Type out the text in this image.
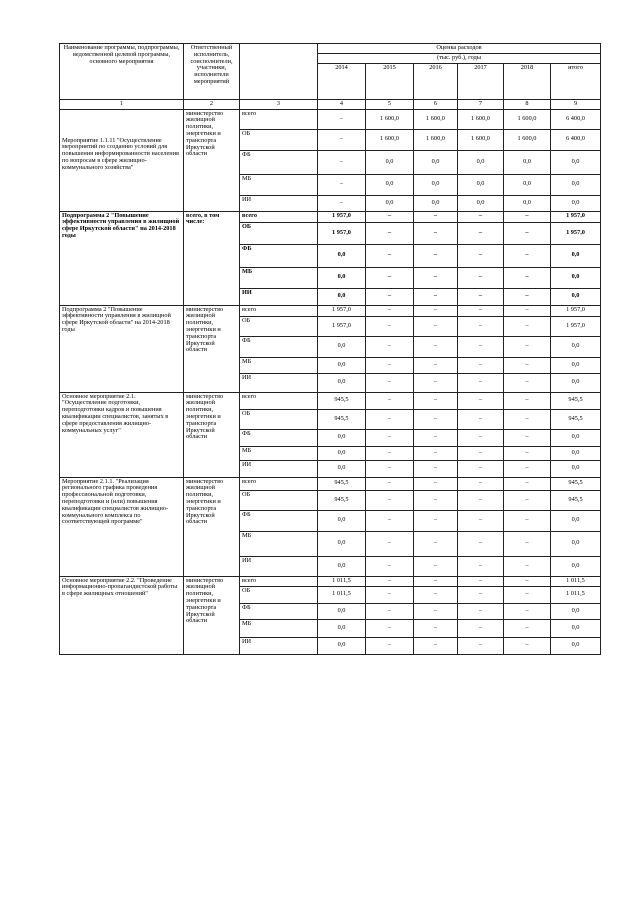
Наименование программы, подпрограммы, ведомственной целевой программы, основного мероприятия	Ответственный исполнитель, соисполнители, участники, исполнители мероприятий		Оценка расходов					
			(тыс. руб.), годы					
			2014	2015	2016	2017	2018	итого
1	2	3	4	5	6	7	8	9
Мероприятие 1.1.11 "Осуществление мероприятий по созданию условий для повышения информированности населения по вопросам в сфере жилищно-коммунального хозяйства"	министерство жилищной политики, энергетики и транспорта Иркутской области	всего	–	1 600,0	1 600,0	1 600,0	1 600,0	6 400,0
		ОБ	–	1 600,0	1 600,0	1 600,0	1 600,0	6 400,0
		ФБ	–	0,0	0,0	0,0	0,0	0,0
		МБ	–	0,0	0,0	0,0	0,0	0,0
		ИИ	–	0,0	0,0	0,0	0,0	0,0
Подпрограмма 2 "Повышение эффективности управления в жилищной сфере Иркутской области" на 2014-2018 годы	всего, в том числе:	всего	1 957,0	–	–	–	–	1 957,0
		ОБ	1 957,0	–	–	–	–	1 957,0
		ФБ	0,0	–	–	–	–	0,0
		МБ	0,0	–	–	–	–	0,0
		ИИ	0,0	–	–	–	–	0,0
Подпрограмма 2 "Повышение эффективности управления в жилищной сфере Иркутской области" на 2014-2018 годы	министерство жилищной политики, энергетики и транспорта Иркутской области	всего	1 957,0	–	–	–	–	1 957,0
		ОБ	1 957,0	–	–	–	–	1 957,0
		ФБ	0,0	–	–	–	–	0,0
		МБ	0,0	–	–	–	–	0,0
		ИИ	0,0	–	–	–	–	0,0
Основное мероприятие 2.1. "Осуществление подготовки, переподготовки кадров и повышения квалификации специалистов, занятых в сфере предоставления жилищно-коммунальных услуг"	министерство жилищной политики, энергетики и транспорта Иркутской области	всего	945,5	–	–	–	–	945,5
		ОБ	945,5	–	–	–	–	945,5
		ФБ	0,0	–	–	–	–	0,0
		МБ	0,0	–	–	–	–	0,0
		ИИ	0,0	–	–	–	–	0,0
Мероприятие 2.1.1. "Реализация регионального графика проведения профессиональной подготовки, переподготовки и (или) повышения квалификации специалистов жилищно-коммунального комплекса по соответствующей программе"	министерство жилищной политики, энергетики и транспорта Иркутской области	всего	945,5	–	–	–	–	945,5
		ОБ	945,5	–	–	–	–	945,5
		ФБ	0,0	–	–	–	–	0,0
		МБ	0,0	–	–	–	–	0,0
		ИИ	0,0	–	–	–	–	0,0
Основное мероприятие 2.2. "Проведение информационно-пропагандистской работы в сфере жилищных отношений"	министерство жилищной политики, энергетики и транспорта Иркутской области	всего	1 011,5	–	–	–	–	1 011,5
		ОБ	1 011,5	–	–	–	–	1 011,5
		ФБ	0,0	–	–	–	–	0,0
		МБ	0,0	–	–	–	–	0,0
		ИИ	0,0	–	–	–	–	0,0
